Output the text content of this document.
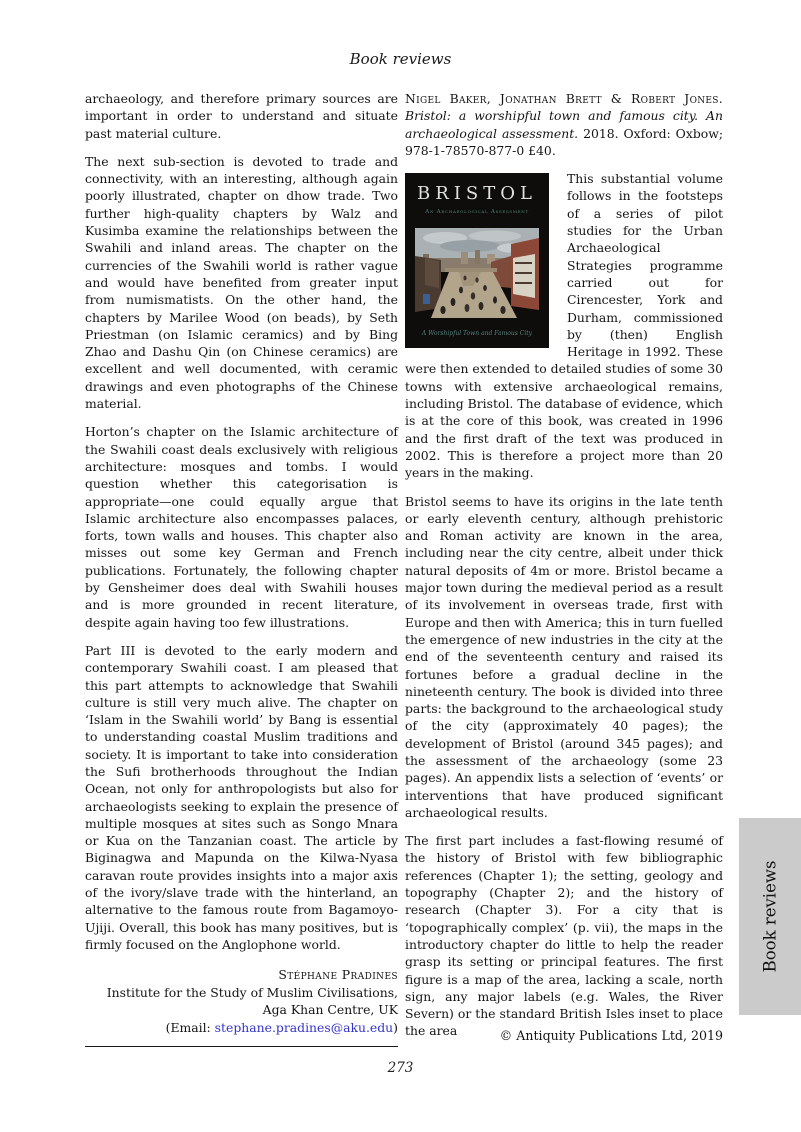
Book reviews

archaeology, and therefore primary sources are important in order to understand and situate past material culture.

The next sub-section is devoted to trade and connectivity, with an interesting, although again poorly illustrated, chapter on dhow trade. Two further high-quality chapters by Walz and Kusimba examine the relationships between the Swahili and inland areas. The chapter on the currencies of the Swahili world is rather vague and would have benefited from greater input from numismatists. On the other hand, the chapters by Marilee Wood (on beads), by Seth Priestman (on Islamic ceramics) and by Bing Zhao and Dashu Qin (on Chinese ceramics) are excellent and well documented, with ceramic drawings and even photographs of the Chinese material.

Horton’s chapter on the Islamic architecture of the Swahili coast deals exclusively with religious architecture: mosques and tombs. I would question whether this categorisation is appropriate—one could equally argue that Islamic architecture also encompasses palaces, forts, town walls and houses. This chapter also misses out some key German and French publications. Fortunately, the following chapter by Gensheimer does deal with Swahili houses and is more grounded in recent literature, despite again having too few illustrations.

Part III is devoted to the early modern and contemporary Swahili coast. I am pleased that this part attempts to acknowledge that Swahili culture is still very much alive. The chapter on ‘Islam in the Swahili world’ by Bang is essential to understanding coastal Muslim traditions and society. It is important to take into consideration the Sufi brotherhoods throughout the Indian Ocean, not only for anthropologists but also for archaeologists seeking to explain the presence of multiple mosques at sites such as Songo Mnara or Kua on the Tanzanian coast. The article by Biginagwa and Mapunda on the Kilwa-Nyasa caravan route provides insights into a major axis of the ivory/slave trade with the hinterland, an alternative to the famous route from Bagamoyo-Ujiji. Overall, this book has many positives, but is firmly focused on the Anglophone world.

Stéphane Pradines
Institute for the Study of Muslim Civilisations,
Aga Khan Centre, UK
(Email: stephane.pradines@aku.edu)

Nigel Baker, Jonathan Brett & Robert Jones. Bristol: a worshipful town and famous city. An archaeological assessment. 2018. Oxford: Oxbow; 978-1-78570-877-0 £40.

BRISTOL
An Archaeological Assessment
A Worshipful Town and Famous City
This substantial volume follows in the footsteps of a series of pilot studies for the Urban Archaeological Strategies programme carried out for Cirencester, York and Durham, commissioned by (then) English Heritage in 1992. These were then extended to detailed studies of some 30 towns with extensive archaeological remains, including Bristol. The database of evidence, which is at the core of this book, was created in 1996 and the first draft of the text was produced in 2002. This is therefore a project more than 20 years in the making.

Bristol seems to have its origins in the late tenth or early eleventh century, although prehistoric and Roman activity are known in the area, including near the city centre, albeit under thick natural deposits of 4m or more. Bristol became a major town during the medieval period as a result of its involvement in overseas trade, first with Europe and then with America; this in turn fuelled the emergence of new industries in the city at the end of the seventeenth century and raised its fortunes before a gradual decline in the nineteenth century. The book is divided into three parts: the background to the archaeological study of the city (approximately 40 pages); the development of Bristol (around 345 pages); and the assessment of the archaeology (some 23 pages). An appendix lists a selection of ‘events’ or interventions that have produced significant archaeological results.

The first part includes a fast-flowing resumé of the history of Bristol with few bibliographic references (Chapter 1); the setting, geology and topography (Chapter 2); and the history of research (Chapter 3). For a city that is ‘topographically complex’ (p. vii), the maps in the introductory chapter do little to help the reader grasp its setting or principal features. The first figure is a map of the area, lacking a scale, north sign, any major labels (e.g. Wales, the River Severn) or the standard British Isles inset to place the area	© Antiquity Publications Ltd, 2019
273
Book reviews
